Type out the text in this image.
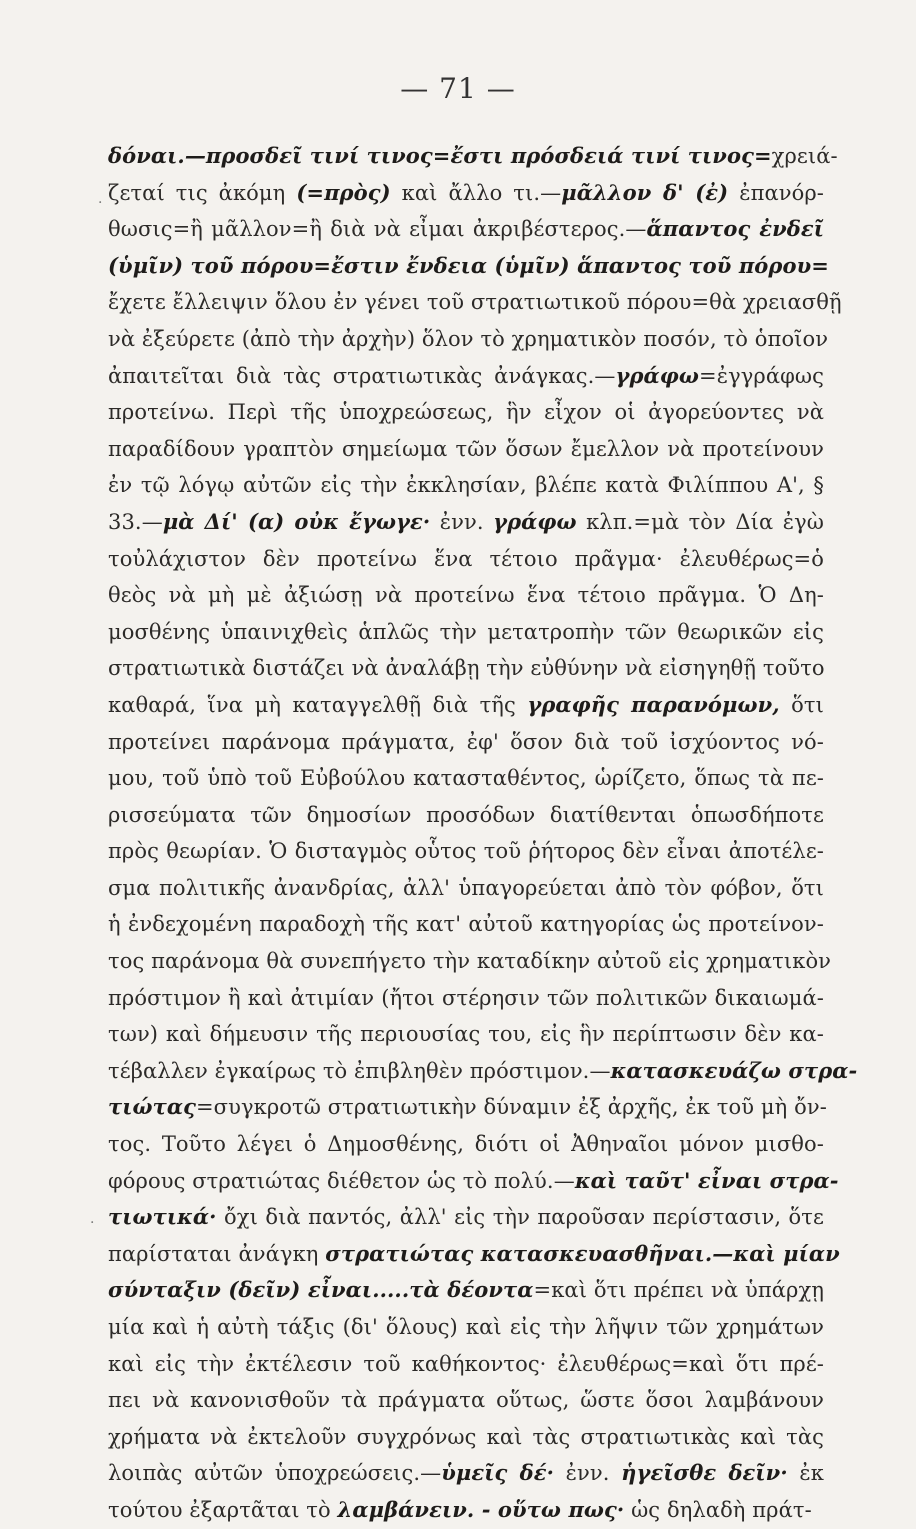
— 71 —
δόναι.—προσδεῖ τινί τινος=ἔστι πρόσδειά τινί τινος=χρειά-
ζεταί τις ἀκόμη (=πρὸς) καὶ ἄλλο τι.—μᾶλλον δ' (ἐ) ἐπανόρ-
θωσις=ἢ μᾶλλον=ἢ διὰ νὰ εἶμαι ἀκριβέστερος.—ἅπαντος ἐνδεῖ
(ὑμῖν) τοῦ πόρου=ἔστιν ἔνδεια (ὑμῖν) ἅπαντος τοῦ πόρου=
ἔχετε ἔλλειψιν ὅλου ἐν γένει τοῦ στρατιωτικοῦ πόρου=θὰ χρειασθῇ
νὰ ἐξεύρετε (ἀπὸ τὴν ἀρχὴν) ὅλον τὸ χρηματικὸν ποσόν, τὸ ὁποῖον
ἀπαιτεῖται διὰ τὰς στρατιωτικὰς ἀνάγκας.—γράφω=ἐγγράφως
προτείνω. Περὶ τῆς ὑποχρεώσεως, ἣν εἶχον οἱ ἀγορεύοντες νὰ
παραδίδουν γραπτὸν σημείωμα τῶν ὅσων ἔμελλον νὰ προτείνουν
ἐν τῷ λόγῳ αὐτῶν εἰς τὴν ἐκκλησίαν, βλέπε κατὰ Φιλίππου Α', §
33.—μὰ Δί' (α) οὐκ ἔγωγε· ἐνν. γράφω κλπ.=μὰ τὸν Δία ἐγὼ
τοὐλάχιστον δὲν προτείνω ἕνα τέτοιο πρᾶγμα· ἐλευθέρως=ὁ
θεὸς νὰ μὴ μὲ ἀξιώσῃ νὰ προτείνω ἕνα τέτοιο πρᾶγμα. Ὁ Δη-
μοσθένης ὑπαινιχθεὶς ἁπλῶς τὴν μετατροπὴν τῶν θεωρικῶν εἰς
στρατιωτικὰ διστάζει νὰ ἀναλάβῃ τὴν εὐθύνην νὰ εἰσηγηθῇ τοῦτο
καθαρά, ἵνα μὴ καταγγελθῇ διὰ τῆς γραφῆς παρανόμων, ὅτι
προτείνει παράνομα πράγματα, ἐφ' ὅσον διὰ τοῦ ἰσχύοντος νό-
μου, τοῦ ὑπὸ τοῦ Εὐβούλου κατασταθέντος, ὡρίζετο, ὅπως τὰ πε-
ρισσεύματα τῶν δημοσίων προσόδων διατίθενται ὁπωσδήποτε
πρὸς θεωρίαν. Ὁ δισταγμὸς οὗτος τοῦ ῥήτορος δὲν εἶναι ἀποτέλε-
σμα πολιτικῆς ἀνανδρίας, ἀλλ' ὑπαγορεύεται ἀπὸ τὸν φόβον, ὅτι
ἡ ἐνδεχομένη παραδοχὴ τῆς κατ' αὐτοῦ κατηγορίας ὡς προτείνον-
τος παράνομα θὰ συνεπήγετο τὴν καταδίκην αὐτοῦ εἰς χρηματικὸν
πρόστιμον ἢ καὶ ἀτιμίαν (ἤτοι στέρησιν τῶν πολιτικῶν δικαιωμά-
των) καὶ δήμευσιν τῆς περιουσίας του, εἰς ἣν περίπτωσιν δὲν κα-
τέβαλλεν ἐγκαίρως τὸ ἐπιβληθὲν πρόστιμον.—κατασκευάζω στρα-
τιώτας=συγκροτῶ στρατιωτικὴν δύναμιν ἐξ ἀρχῆς, ἐκ τοῦ μὴ ὄν-
τος. Τοῦτο λέγει ὁ Δημοσθένης, διότι οἱ Ἀθηναῖοι μόνον μισθο-
φόρους στρατιώτας διέθετον ὡς τὸ πολύ.—καὶ ταῦτ' εἶναι στρα-
τιωτικά· ὄχι διὰ παντός, ἀλλ' εἰς τὴν παροῦσαν περίστασιν, ὅτε
παρίσταται ἀνάγκη στρατιώτας κατασκευασθῆναι.—καὶ μίαν
σύνταξιν (δεῖν) εἶναι.....τὰ δέοντα=καὶ ὅτι πρέπει νὰ ὑπάρχῃ
μία καὶ ἡ αὐτὴ τάξις (δι' ὅλους) καὶ εἰς τὴν λῆψιν τῶν χρημάτων
καὶ εἰς τὴν ἐκτέλεσιν τοῦ καθήκοντος· ἐλευθέρως=καὶ ὅτι πρέ-
πει νὰ κανονισθοῦν τὰ πράγματα οὕτως, ὥστε ὅσοι λαμβάνουν
χρήματα νὰ ἐκτελοῦν συγχρόνως καὶ τὰς στρατιωτικὰς καὶ τὰς
λοιπὰς αὐτῶν ὑποχρεώσεις.—ὑμεῖς δέ· ἐνν. ἡγεῖσθε δεῖν· ἐκ
τούτου ἐξαρτᾶται τὸ λαμβάνειν. - οὕτω πως· ὡς δηλαδὴ πράτ-
·
·
